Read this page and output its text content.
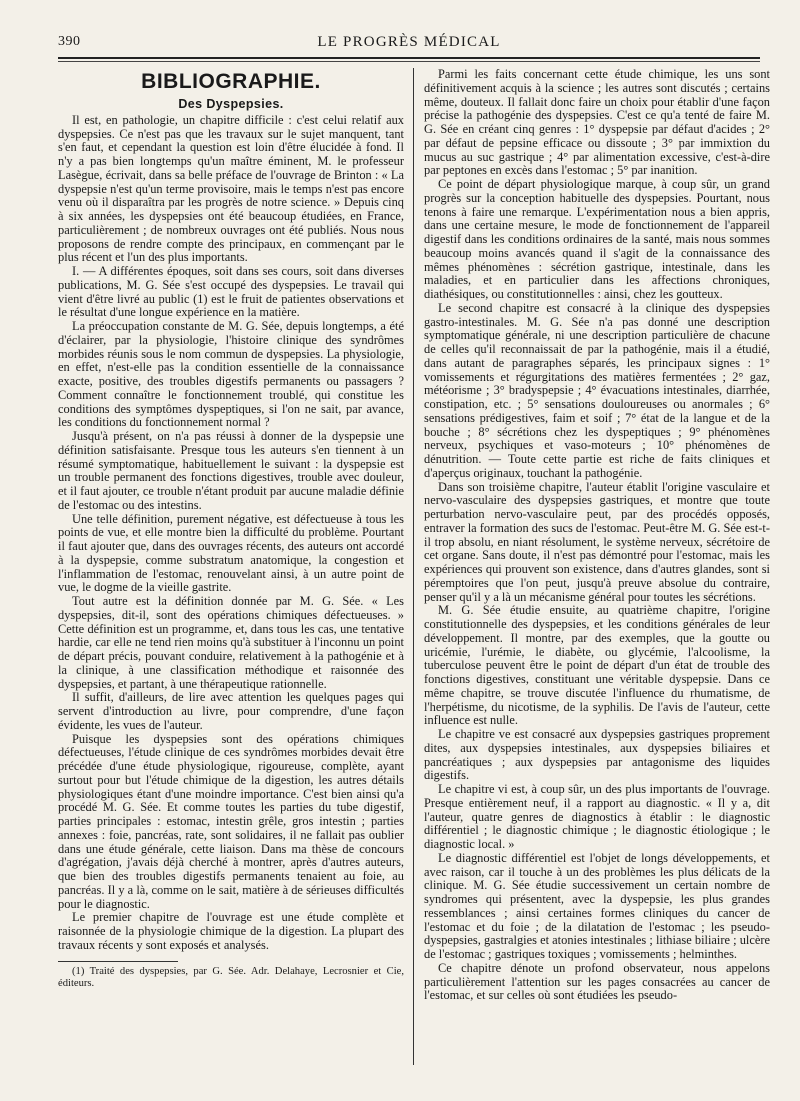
390	LE PROGRÈS MÉDICAL
BIBLIOGRAPHIE.
Des Dyspepsies.

Il est, en pathologie, un chapitre difficile : c'est celui relatif aux dyspepsies. Ce n'est pas que les travaux sur le sujet manquent, tant s'en faut, et cependant la question est loin d'être élucidée à fond. Il n'y a pas bien longtemps qu'un maître éminent, M. le professeur Lasègue, écrivait, dans sa belle préface de l'ouvrage de Brinton : « La dyspepsie n'est qu'un terme provisoire, mais le temps n'est pas encore venu où il disparaîtra par les progrès de notre science. » Depuis cinq à six années, les dyspepsies ont été beaucoup étudiées, en France, particulièrement ; de nombreux ouvrages ont été publiés. Nous nous proposons de rendre compte des principaux, en commençant par le plus récent et l'un des plus importants.

I. — A différentes époques, soit dans ses cours, soit dans diverses publications, M. G. Sée s'est occupé des dyspepsies. Le travail qui vient d'être livré au public (1) est le fruit de patientes observations et le résultat d'une longue expérience en la matière.

La préoccupation constante de M. G. Sée, depuis longtemps, a été d'éclairer, par la physiologie, l'histoire clinique des syndrômes morbides réunis sous le nom commun de dyspepsies. La physiologie, en effet, n'est-elle pas la condition essentielle de la connaissance exacte, positive, des troubles digestifs permanents ou passagers ? Comment connaître le fonctionnement troublé, qui constitue les conditions des symptômes dyspeptiques, si l'on ne sait, par avance, les conditions du fonctionnement normal ?

Jusqu'à présent, on n'a pas réussi à donner de la dyspepsie une définition satisfaisante. Presque tous les auteurs s'en tiennent à un résumé symptomatique, habituellement le suivant : la dyspepsie est un trouble permanent des fonctions digestives, trouble avec douleur, et il faut ajouter, ce trouble n'étant produit par aucune maladie définie de l'estomac ou des intestins.

Une telle définition, purement négative, est défectueuse à tous les points de vue, et elle montre bien la difficulté du problème. Pourtant il faut ajouter que, dans des ouvrages récents, des auteurs ont accordé à la dyspepsie, comme substratum anatomique, la congestion et l'inflammation de l'estomac, renouvelant ainsi, à un autre point de vue, le dogme de la vieille gastrite.

Tout autre est la définition donnée par M. G. Sée. « Les dyspepsies, dit-il, sont des opérations chimiques défectueuses. » Cette définition est un programme, et, dans tous les cas, une tentative hardie, car elle ne tend rien moins qu'à substituer à l'inconnu un point de départ précis, pouvant conduire, relativement à la pathogénie et à la clinique, à une classification méthodique et raisonnée des dyspepsies, et partant, à une thérapeutique rationnelle.

Il suffit, d'ailleurs, de lire avec attention les quelques pages qui servent d'introduction au livre, pour comprendre, d'une façon évidente, les vues de l'auteur.

Puisque les dyspepsies sont des opérations chimiques défectueuses, l'étude clinique de ces syndrômes morbides devait être précédée d'une étude physiologique, rigoureuse, complète, ayant surtout pour but l'étude chimique de la digestion, les autres détails physiologiques étant d'une moindre importance. C'est bien ainsi qu'a procédé M. G. Sée. Et comme toutes les parties du tube digestif, parties principales : estomac, intestin grêle, gros intestin ; parties annexes : foie, pancréas, rate, sont solidaires, il ne fallait pas oublier dans une étude générale, cette liaison. Dans ma thèse de concours d'agrégation, j'avais déjà cherché à montrer, après d'autres auteurs, que bien des troubles digestifs permanents tenaient au foie, au pancréas. Il y a là, comme on le sait, matière à de sérieuses difficultés pour le diagnostic.

Le premier chapitre de l'ouvrage est une étude complète et raisonnée de la physiologie chimique de la digestion. La plupart des travaux récents y sont exposés et analysés.

(1) Traité des dyspepsies, par G. Sée. Adr. Delahaye, Lecrosnier et Cie, éditeurs.

Parmi les faits concernant cette étude chimique, les uns sont définitivement acquis à la science ; les autres sont discutés ; certains même, douteux. Il fallait donc faire un choix pour établir d'une façon précise la pathogénie des dyspepsies. C'est ce qu'a tenté de faire M. G. Sée en créant cinq genres : 1° dyspepsie par défaut d'acides ; 2° par défaut de pepsine efficace ou dissoute ; 3° par immixtion du mucus au suc gastrique ; 4° par alimentation excessive, c'est-à-dire par peptones en excès dans l'estomac ; 5° par inanition.

Ce point de départ physiologique marque, à coup sûr, un grand progrès sur la conception habituelle des dyspepsies. Pourtant, nous tenons à faire une remarque. L'expérimentation nous a bien appris, dans une certaine mesure, le mode de fonctionnement de l'appareil digestif dans les conditions ordinaires de la santé, mais nous sommes beaucoup moins avancés quand il s'agit de la connaissance des mêmes phénomènes : sécrétion gastrique, intestinale, dans les maladies, et en particulier dans les affections chroniques, diathésiques, ou constitutionnelles : ainsi, chez les goutteux.

Le second chapitre est consacré à la clinique des dyspepsies gastro-intestinales. M. G. Sée n'a pas donné une description symptomatique générale, ni une description particulière de chacune de celles qu'il reconnaissait de par la pathogénie, mais il a étudié, dans autant de paragraphes séparés, les principaux signes : 1° vomissements et régurgitations des matières fermentées ; 2° gaz, météorisme ; 3° bradyspepsie ; 4° évacuations intestinales, diarrhée, constipation, etc. ; 5° sensations douloureuses ou anormales ; 6° sensations prédigestives, faim et soif ; 7° état de la langue et de la bouche ; 8° sécrétions chez les dyspeptiques ; 9° phénomènes nerveux, psychiques et vaso-moteurs ; 10° phénomènes de dénutrition. — Toute cette partie est riche de faits cliniques et d'aperçus originaux, touchant la pathogénie.

Dans son troisième chapitre, l'auteur établit l'origine vasculaire et nervo-vasculaire des dyspepsies gastriques, et montre que toute perturbation nervo-vasculaire peut, par des procédés opposés, entraver la formation des sucs de l'estomac. Peut-être M. G. Sée est-t-il trop absolu, en niant résolument, le système nerveux, sécrétoire de cet organe. Sans doute, il n'est pas démontré pour l'estomac, mais les expériences qui prouvent son existence, dans d'autres glandes, sont si péremptoires que l'on peut, jusqu'à preuve absolue du contraire, penser qu'il y a là un mécanisme général pour toutes les sécrétions.

M. G. Sée étudie ensuite, au quatrième chapitre, l'origine constitutionnelle des dyspepsies, et les conditions générales de leur développement. Il montre, par des exemples, que la goutte ou uricémie, l'urémie, le diabète, ou glycémie, l'alcoolisme, la tuberculose peuvent être le point de départ d'un état de trouble des fonctions digestives, constituant une véritable dyspepsie. Dans ce même chapitre, se trouve discutée l'influence du rhumatisme, de l'herpétisme, du nicotisme, de la syphilis. De l'avis de l'auteur, cette influence est nulle.

Le chapitre ve est consacré aux dyspepsies gastriques proprement dites, aux dyspepsies intestinales, aux dyspepsies biliaires et pancréatiques ; aux dyspepsies par antagonisme des liquides digestifs.

Le chapitre vi est, à coup sûr, un des plus importants de l'ouvrage. Presque entièrement neuf, il a rapport au diagnostic. « Il y a, dit l'auteur, quatre genres de diagnostics à établir : le diagnostic différentiel ; le diagnostic chimique ; le diagnostic étiologique ; le diagnostic local. »

Le diagnostic différentiel est l'objet de longs développements, et avec raison, car il touche à un des problèmes les plus délicats de la clinique. M. G. Sée étudie successivement un certain nombre de syndromes qui présentent, avec la dyspepsie, les plus grandes ressemblances ; ainsi certaines formes cliniques du cancer de l'estomac et du foie ; de la dilatation de l'estomac ; les pseudo-dyspepsies, gastralgies et atonies intestinales ; lithiase biliaire ; ulcère de l'estomac ; gastriques toxiques ; vomissements ; helminthes.

Ce chapitre dénote un profond observateur, nous appelons particulièrement l'attention sur les pages consacrées au cancer de l'estomac, et sur celles où sont étudiées les pseudo-
